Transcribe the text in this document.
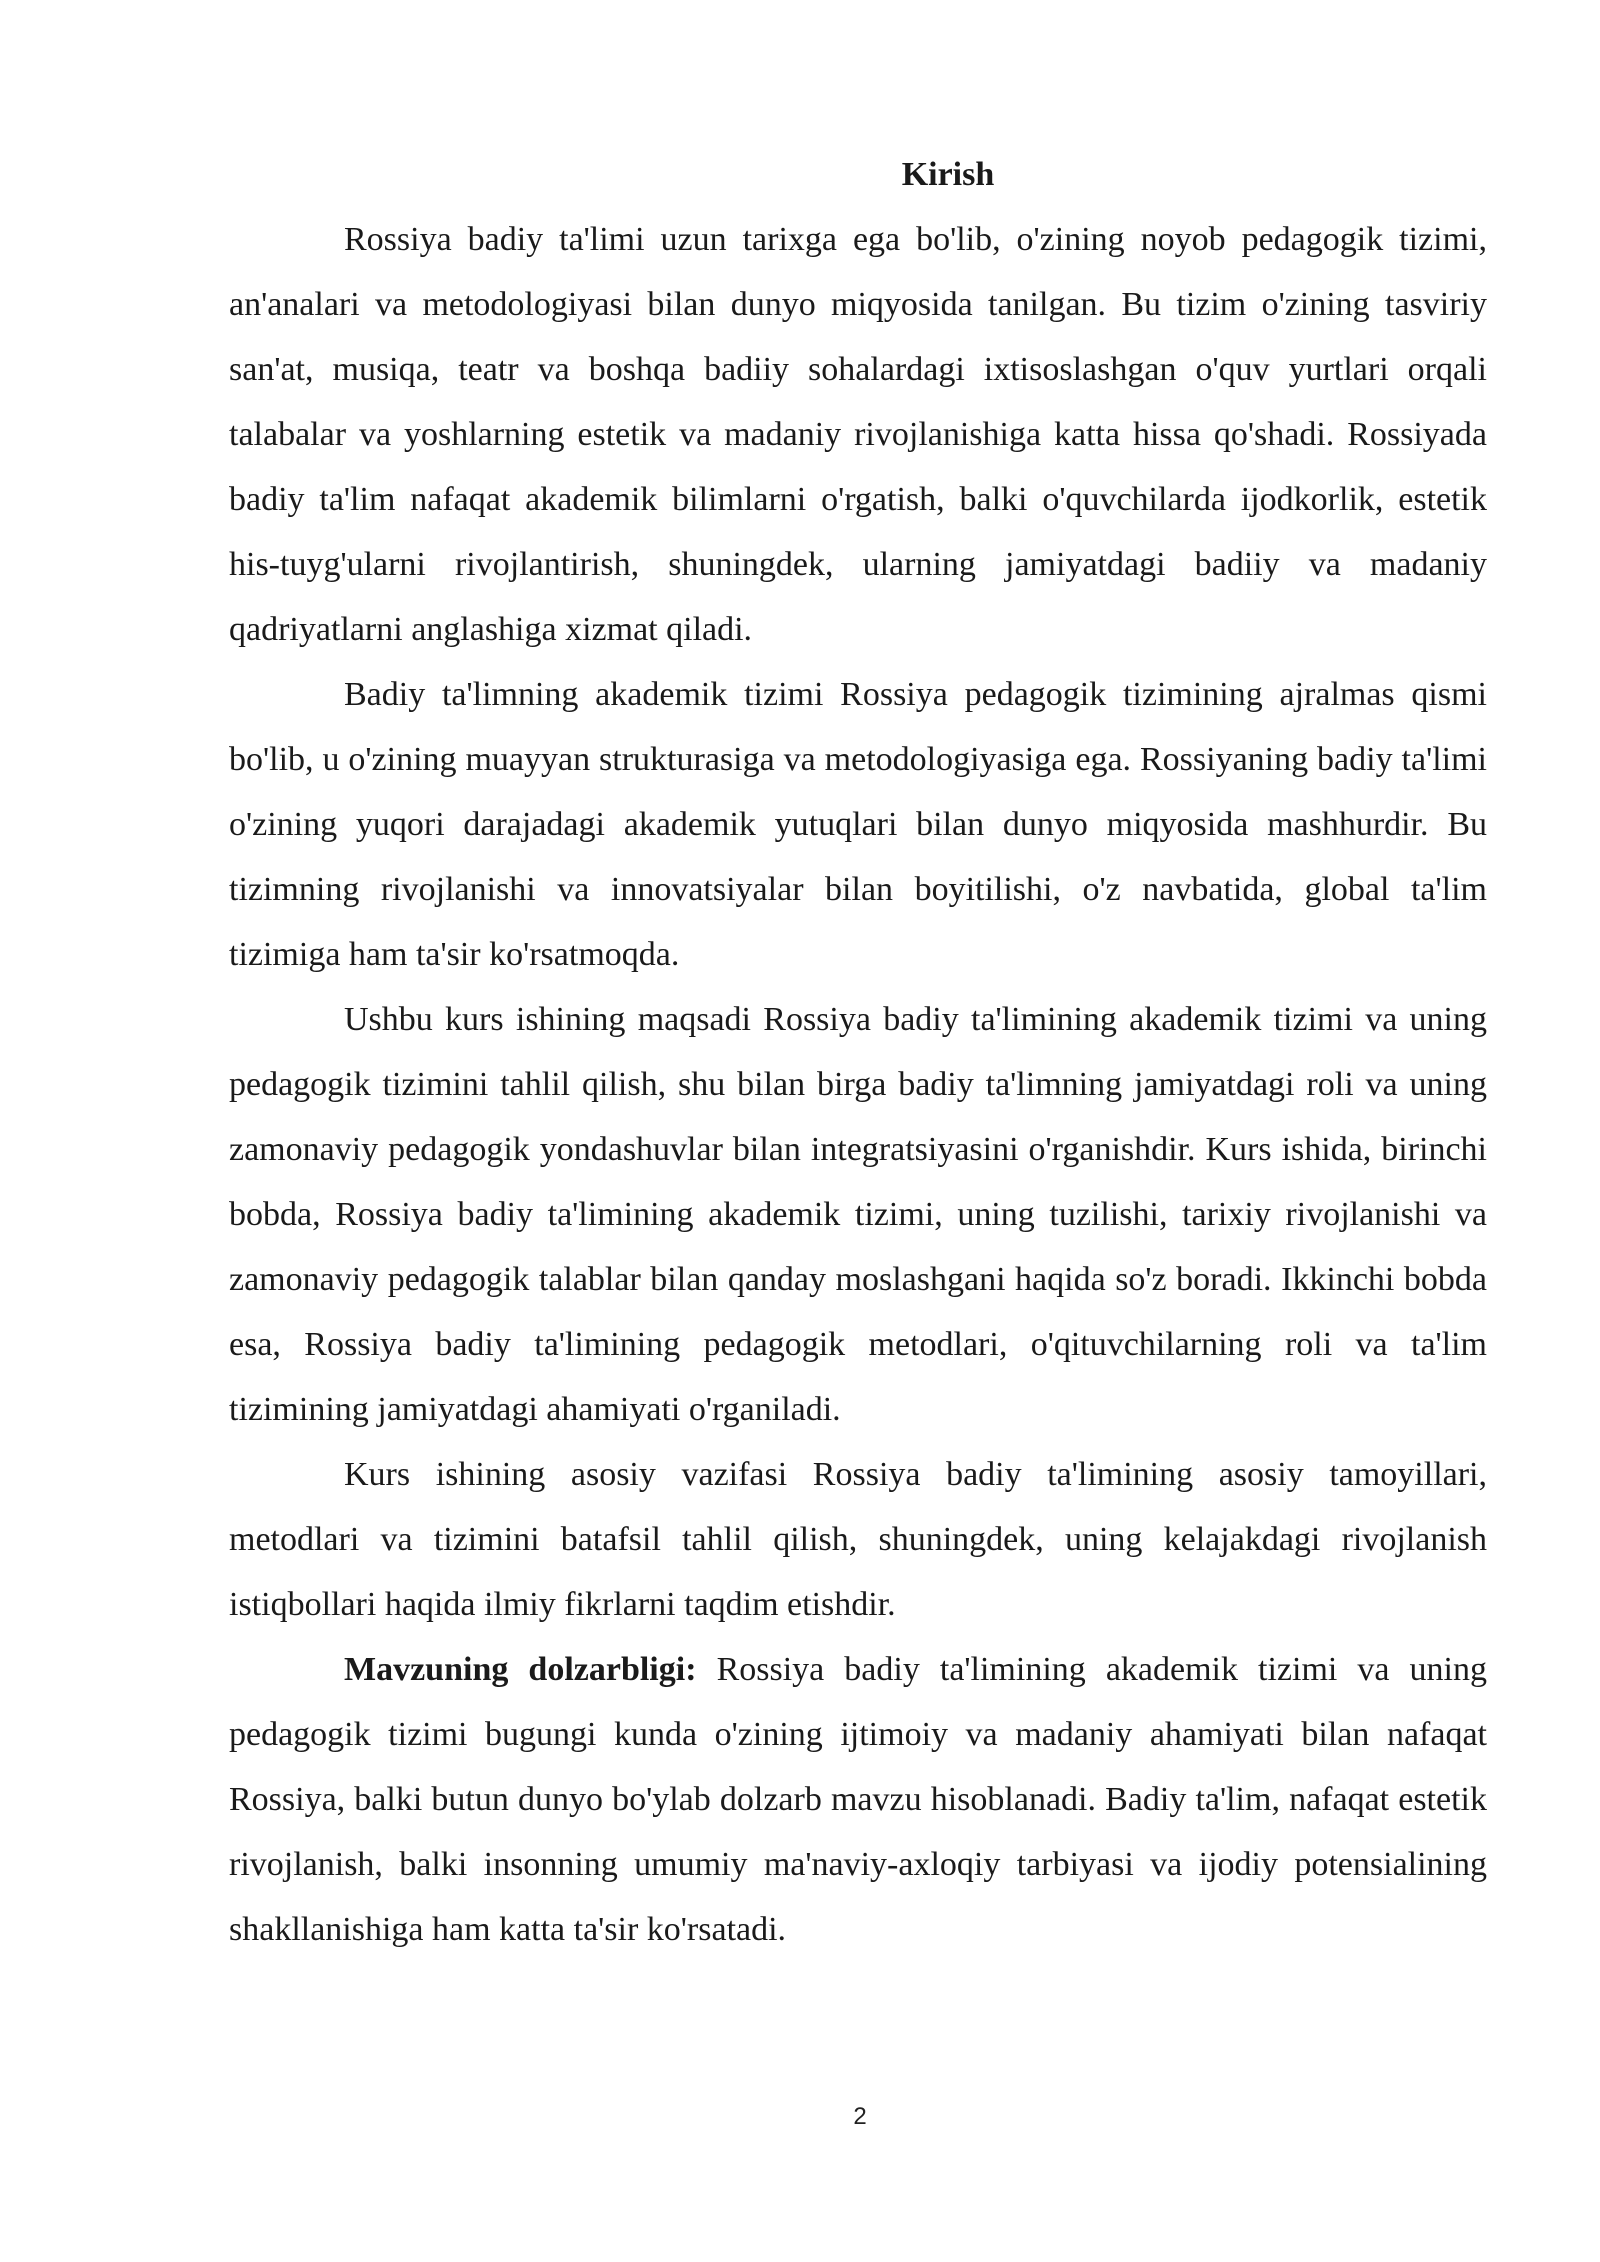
Kirish

Rossiya badiy ta'limi uzun tarixga ega bo'lib, o'zining noyob pedagogik tizimi, an'analari va metodologiyasi bilan dunyo miqyosida tanilgan. Bu tizim o'zining tasviriy san'at, musiqa, teatr va boshqa badiiy sohalardagi ixtisoslashgan o'quv yurtlari orqali talabalar va yoshlarning estetik va madaniy rivojlanishiga katta hissa qo'shadi. Rossiyada badiy ta'lim nafaqat akademik bilimlarni o'rgatish, balki o'quvchilarda ijodkorlik, estetik his-tuyg'ularni rivojlantirish, shuningdek, ularning jamiyatdagi badiiy va madaniy qadriyatlarni anglashiga xizmat qiladi.

Badiy ta'limning akademik tizimi Rossiya pedagogik tizimining ajralmas qismi bo'lib, u o'zining muayyan strukturasiga va metodologiyasiga ega. Rossiyaning badiy ta'limi o'zining yuqori darajadagi akademik yutuqlari bilan dunyo miqyosida mashhurdir. Bu tizimning rivojlanishi va innovatsiyalar bilan boyitilishi, o'z navbatida, global ta'lim tizimiga ham ta'sir ko'rsatmoqda.

Ushbu kurs ishining maqsadi Rossiya badiy ta'limining akademik tizimi va uning pedagogik tizimini tahlil qilish, shu bilan birga badiy ta'limning jamiyatdagi roli va uning zamonaviy pedagogik yondashuvlar bilan integratsiyasini o'rganishdir. Kurs ishida, birinchi bobda, Rossiya badiy ta'limining akademik tizimi, uning tuzilishi, tarixiy rivojlanishi va zamonaviy pedagogik talablar bilan qanday moslashgani haqida so'z boradi. Ikkinchi bobda esa, Rossiya badiy ta'limining pedagogik metodlari, o'qituvchilarning roli va ta'lim tizimining jamiyatdagi ahamiyati o'rganiladi.

Kurs ishining asosiy vazifasi Rossiya badiy ta'limining asosiy tamoyillari, metodlari va tizimini batafsil tahlil qilish, shuningdek, uning kelajakdagi rivojlanish istiqbollari haqida ilmiy fikrlarni taqdim etishdir.

Mavzuning dolzarbligi: Rossiya badiy ta'limining akademik tizimi va uning pedagogik tizimi bugungi kunda o'zining ijtimoiy va madaniy ahamiyati bilan nafaqat Rossiya, balki butun dunyo bo'ylab dolzarb mavzu hisoblanadi. Badiy ta'lim, nafaqat estetik rivojlanish, balki insonning umumiy ma'naviy-axloqiy tarbiyasi va ijodiy potensialining shakllanishiga ham katta ta'sir ko'rsatadi.

2
